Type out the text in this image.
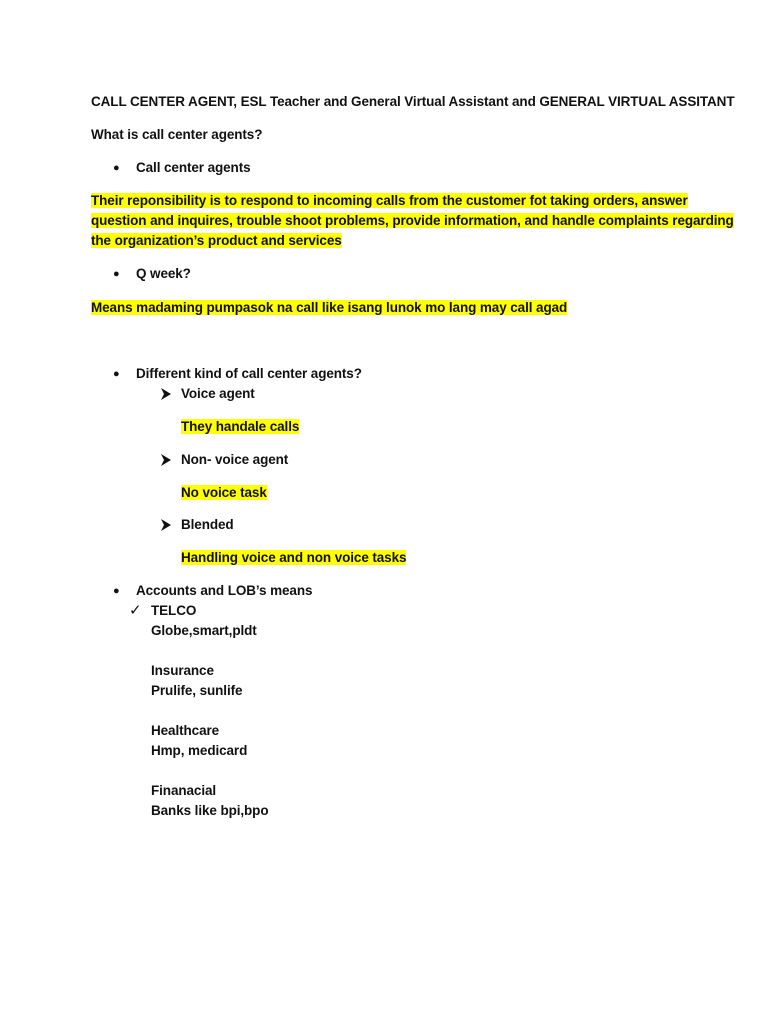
CALL CENTER AGENT, ESL Teacher and General Virtual Assistant and GENERAL VIRTUAL ASSITANT
What is call center agents?
● Call center agents
Their reponsibility is to respond to incoming calls from the customer fot taking orders, answer
question and inquires, trouble shoot problems, provide information, and handle complaints regarding
the organization’s product and services
● Q week?
Means madaming pumpasok na call like isang lunok mo lang may call agad
● Different kind of call center agents?
Voice agent
They handale calls
Non- voice agent
No voice task
Blended
Handling voice and non voice tasks
● Accounts and LOB’s means
✓ TELCO
Globe,smart,pldt
Insurance
Prulife, sunlife
Healthcare
Hmp, medicard
Finanacial
Banks like bpi,bpo
